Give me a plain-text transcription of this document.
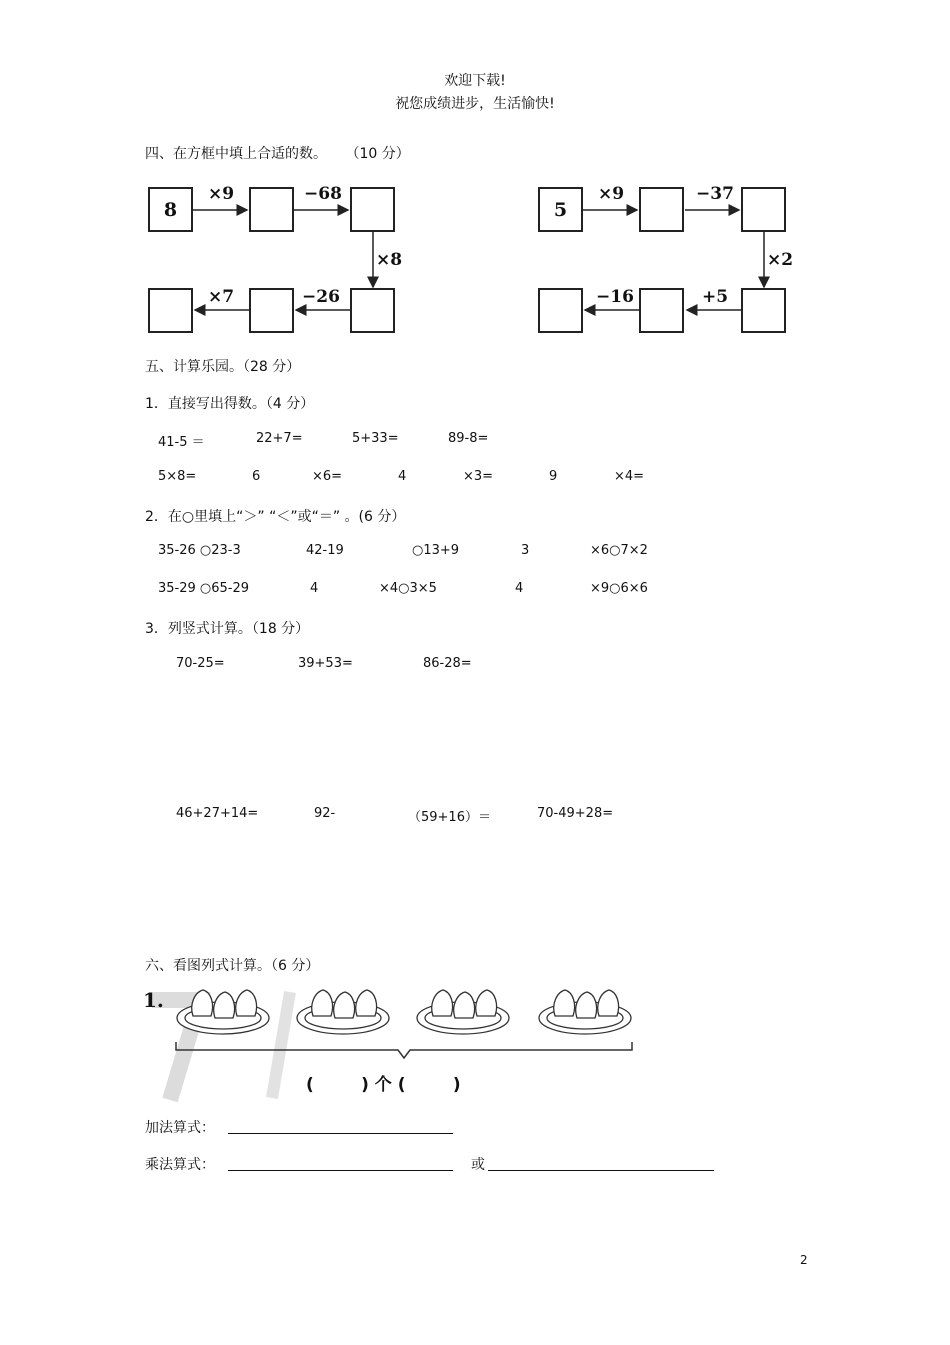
欢迎下载!
祝您成绩进步，生活愉快!
四、在方框中填上合适的数。 （10 分）
8
×9	−68
×8
−26
×7
5
×9	−37
×2
+5
−16
五、计算乐园。（28 分）
1．直接写出得数。（4 分）
41-5 ＝	22+7=	5+33=	89-8=
5×8=	6	×6=	4	×3=	9	×4=
2．在○里填上“＞” “＜”或“＝” 。(6 分）
35-26 ○23-3	42-19	○13+9	3	×6○7×2
35-29 ○65-29	4	×4○3×5	4	×9○6×6
3．列竖式计算。（18 分）
70-25=	39+53=	86-28=
46+27+14=	92-	（59+16）＝	70-49+28=
六、看图列式计算。（6 分）
1.
(        ) 个 (        )
加法算式：
乘法算式：	或
2
